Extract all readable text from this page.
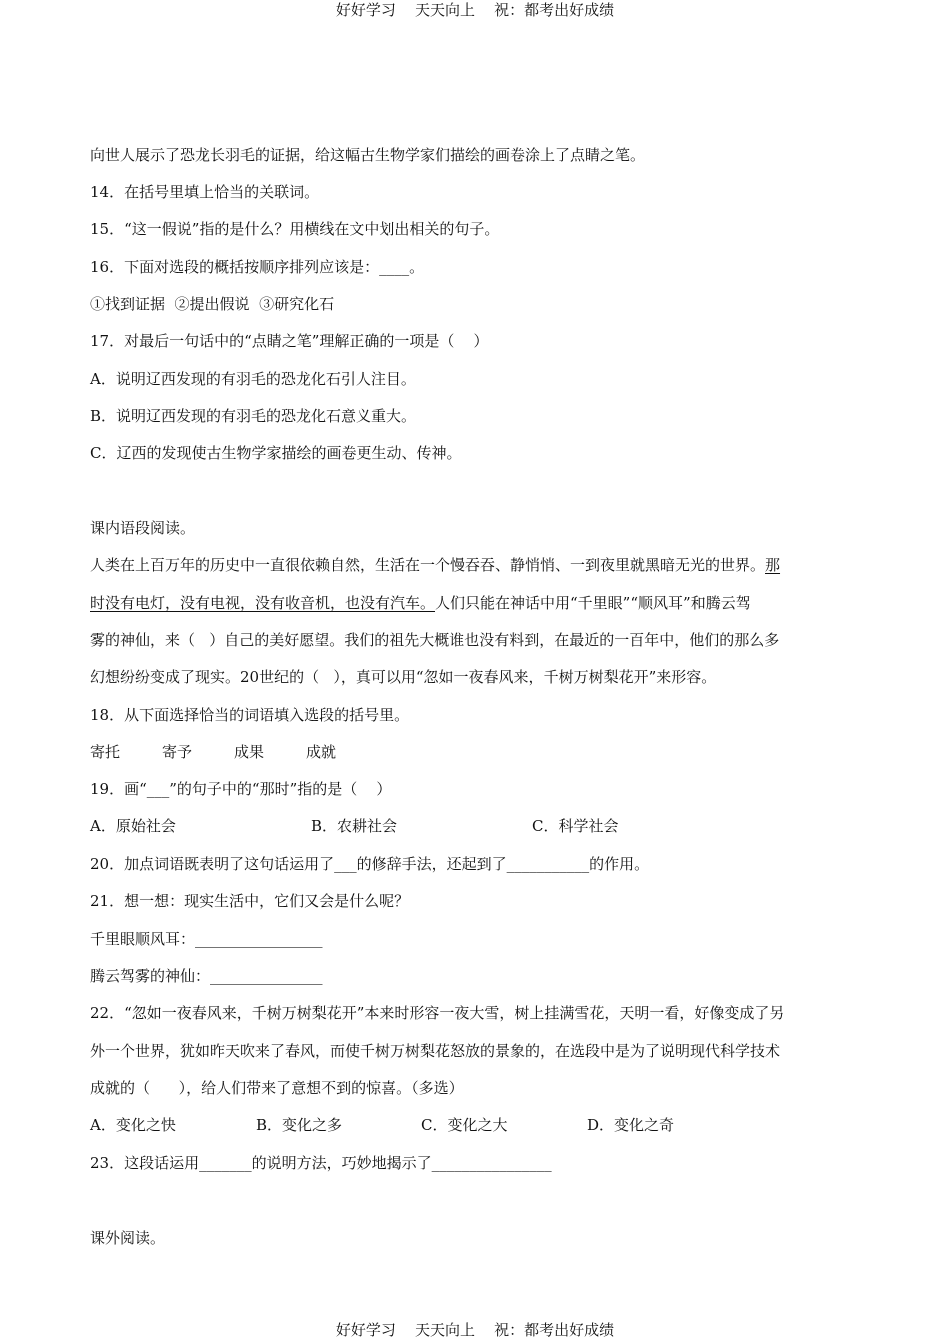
好好学习    天天向上    祝：都考出好成绩
向世人展示了恐龙长羽毛的证据，给这幅古生物学家们描绘的画卷涂上了点睛之笔。
14．在括号里填上恰当的关联词。
15．“这一假说”指的是什么？用横线在文中划出相关的句子。
16．下面对选段的概括按顺序排列应该是：____。
①找到证据  ②提出假说  ③研究化石
17．对最后一句话中的“点睛之笔”理解正确的一项是（    ）
A．说明辽西发现的有羽毛的恐龙化石引人注目。
B．说明辽西发现的有羽毛的恐龙化石意义重大。
C．辽西的发现使古生物学家描绘的画卷更生动、传神。
课内语段阅读。
人类在上百万年的历史中一直很依赖自然，生活在一个慢吞吞、静悄悄、一到夜里就黑暗无光的世界。那
时没有电灯，没有电视，没有收音机，也没有汽车。人们只能在神话中用“千里眼”“顺风耳”和腾云驾
雾的神仙，来（   ）自己的美好愿望。我们的祖先大概谁也没有料到，在最近的一百年中，他们的那么多
幻想纷纷变成了现实。20世纪的（   ），真可以用“忽如一夜春风来，千树万树梨花开”来形容。
18．从下面选择恰当的词语填入选段的括号里。
寄托	寄予	成果	成就
19．画“___”的句子中的“那时”指的是（    ）
A．原始社会	B．农耕社会	C．科学社会
20．加点词语既表明了这句话运用了___的修辞手法，还起到了___________的作用。
21．想一想：现实生活中，它们又会是什么呢？
千里眼顺风耳：_________________
腾云驾雾的神仙：_______________
22．“忽如一夜春风来，千树万树梨花开”本来时形容一夜大雪，树上挂满雪花，天明一看，好像变成了另
外一个世界，犹如昨天吹来了春风，而使千树万树梨花怒放的景象的，在选段中是为了说明现代科学技术
成就的（      ），给人们带来了意想不到的惊喜。（多选）
A．变化之快	B．变化之多	C．变化之大	D．变化之奇
23．这段话运用_______的说明方法，巧妙地揭示了________________
课外阅读。
好好学习    天天向上    祝：都考出好成绩
